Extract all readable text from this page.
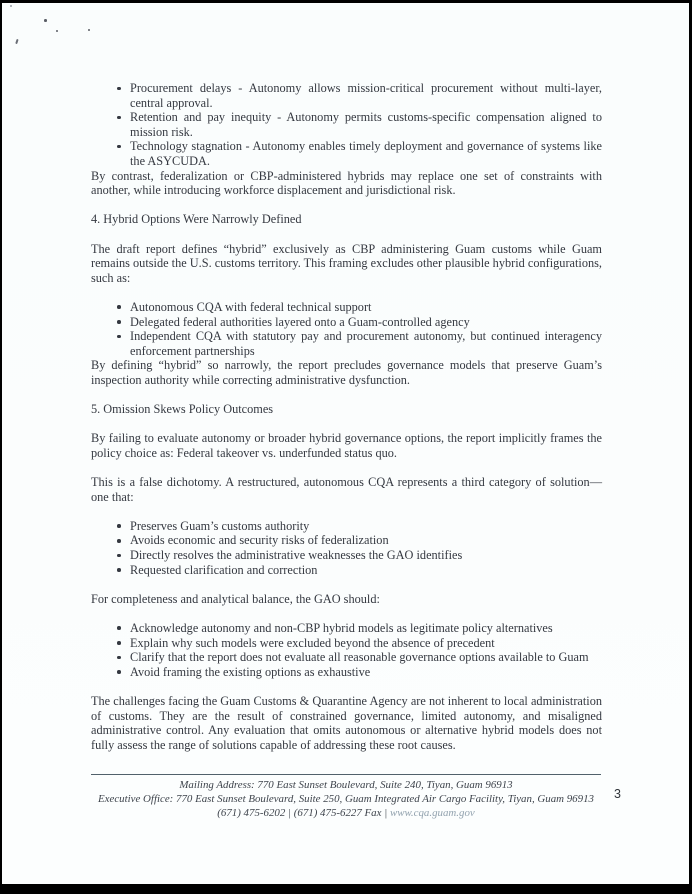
Procurement delays - Autonomy allows mission-critical procurement without multi-layer, central approval.
Retention and pay inequity - Autonomy permits customs-specific compensation aligned to mission risk.
Technology stagnation - Autonomy enables timely deployment and governance of systems like the ASYCUDA.

By contrast, federalization or CBP-administered hybrids may replace one set of constraints with another, while introducing workforce displacement and jurisdictional risk.

4. Hybrid Options Were Narrowly Defined

The draft report defines “hybrid” exclusively as CBP administering Guam customs while Guam remains outside the U.S. customs territory. This framing excludes other plausible hybrid configurations, such as:

Autonomous CQA with federal technical support
Delegated federal authorities layered onto a Guam-controlled agency
Independent CQA with statutory pay and procurement autonomy, but continued interagency enforcement partnerships

By defining “hybrid” so narrowly, the report precludes governance models that preserve Guam’s inspection authority while correcting administrative dysfunction.

5. Omission Skews Policy Outcomes

By failing to evaluate autonomy or broader hybrid governance options, the report implicitly frames the policy choice as: Federal takeover vs. underfunded status quo.

This is a false dichotomy. A restructured, autonomous CQA represents a third category of solution—one that:

Preserves Guam’s customs authority
Avoids economic and security risks of federalization
Directly resolves the administrative weaknesses the GAO identifies
Requested clarification and correction

For completeness and analytical balance, the GAO should:

Acknowledge autonomy and non-CBP hybrid models as legitimate policy alternatives
Explain why such models were excluded beyond the absence of precedent
Clarify that the report does not evaluate all reasonable governance options available to Guam
Avoid framing the existing options as exhaustive

The challenges facing the Guam Customs & Quarantine Agency are not inherent to local administration of customs. They are the result of constrained governance, limited autonomy, and misaligned administrative control. Any evaluation that omits autonomous or alternative hybrid models does not fully assess the range of solutions capable of addressing these root causes.

Mailing Address: 770 East Sunset Boulevard, Suite 240, Tiyan, Guam 96913
Executive Office: 770 East Sunset Boulevard, Suite 250, Guam Integrated Air Cargo Facility, Tiyan, Guam 96913
(671) 475-6202 | (671) 475-6227 Fax | www.cqa.guam.gov
3
